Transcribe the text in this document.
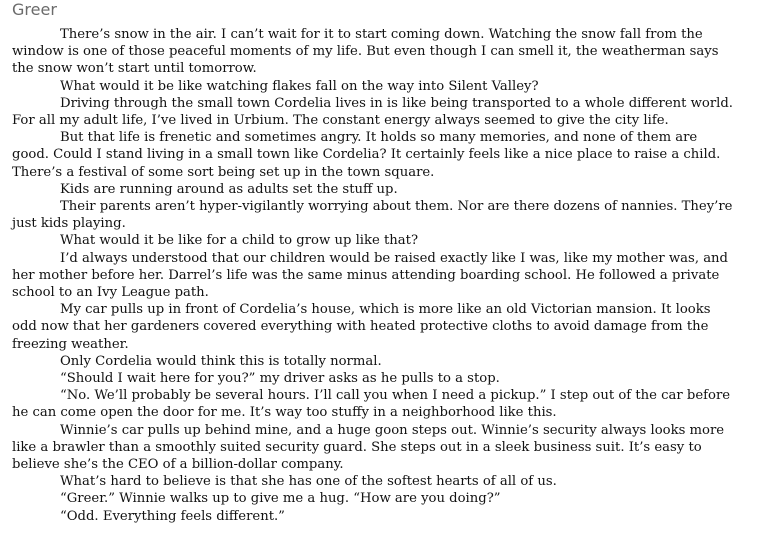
Greer

There’s snow in the air. I can’t wait for it to start coming down. Watching the snow fall from the window is one of those peaceful moments of my life. But even though I can smell it, the weatherman says the snow won’t start until tomorrow.

What would it be like watching flakes fall on the way into Silent Valley?

Driving through the small town Cordelia lives in is like being transported to a whole different world. For all my adult life, I’ve lived in Urbium. The constant energy always seemed to give the city life.

But that life is frenetic and sometimes angry. It holds so many memories, and none of them are good. Could I stand living in a small town like Cordelia? It certainly feels like a nice place to raise a child. There’s a festival of some sort being set up in the town square.

Kids are running around as adults set the stuff up.

Their parents aren’t hyper-vigilantly worrying about them. Nor are there dozens of nannies. They’re just kids playing.

What would it be like for a child to grow up like that?

I’d always understood that our children would be raised exactly like I was, like my mother was, and her mother before her. Darrel’s life was the same minus attending boarding school. He followed a private school to an Ivy League path.

My car pulls up in front of Cordelia’s house, which is more like an old Victorian mansion. It looks odd now that her gardeners covered everything with heated protective cloths to avoid damage from the freezing weather.

Only Cordelia would think this is totally normal.

“Should I wait here for you?” my driver asks as he pulls to a stop.

“No. We’ll probably be several hours. I’ll call you when I need a pickup.” I step out of the car before he can come open the door for me. It’s way too stuffy in a neighborhood like this.

Winnie’s car pulls up behind mine, and a huge goon steps out. Winnie’s security always looks more like a brawler than a smoothly suited security guard. She steps out in a sleek business suit. It’s easy to believe she’s the CEO of a billion-dollar company.

What’s hard to believe is that she has one of the softest hearts of all of us.

“Greer.” Winnie walks up to give me a hug. “How are you doing?”

“Odd. Everything feels different.”
